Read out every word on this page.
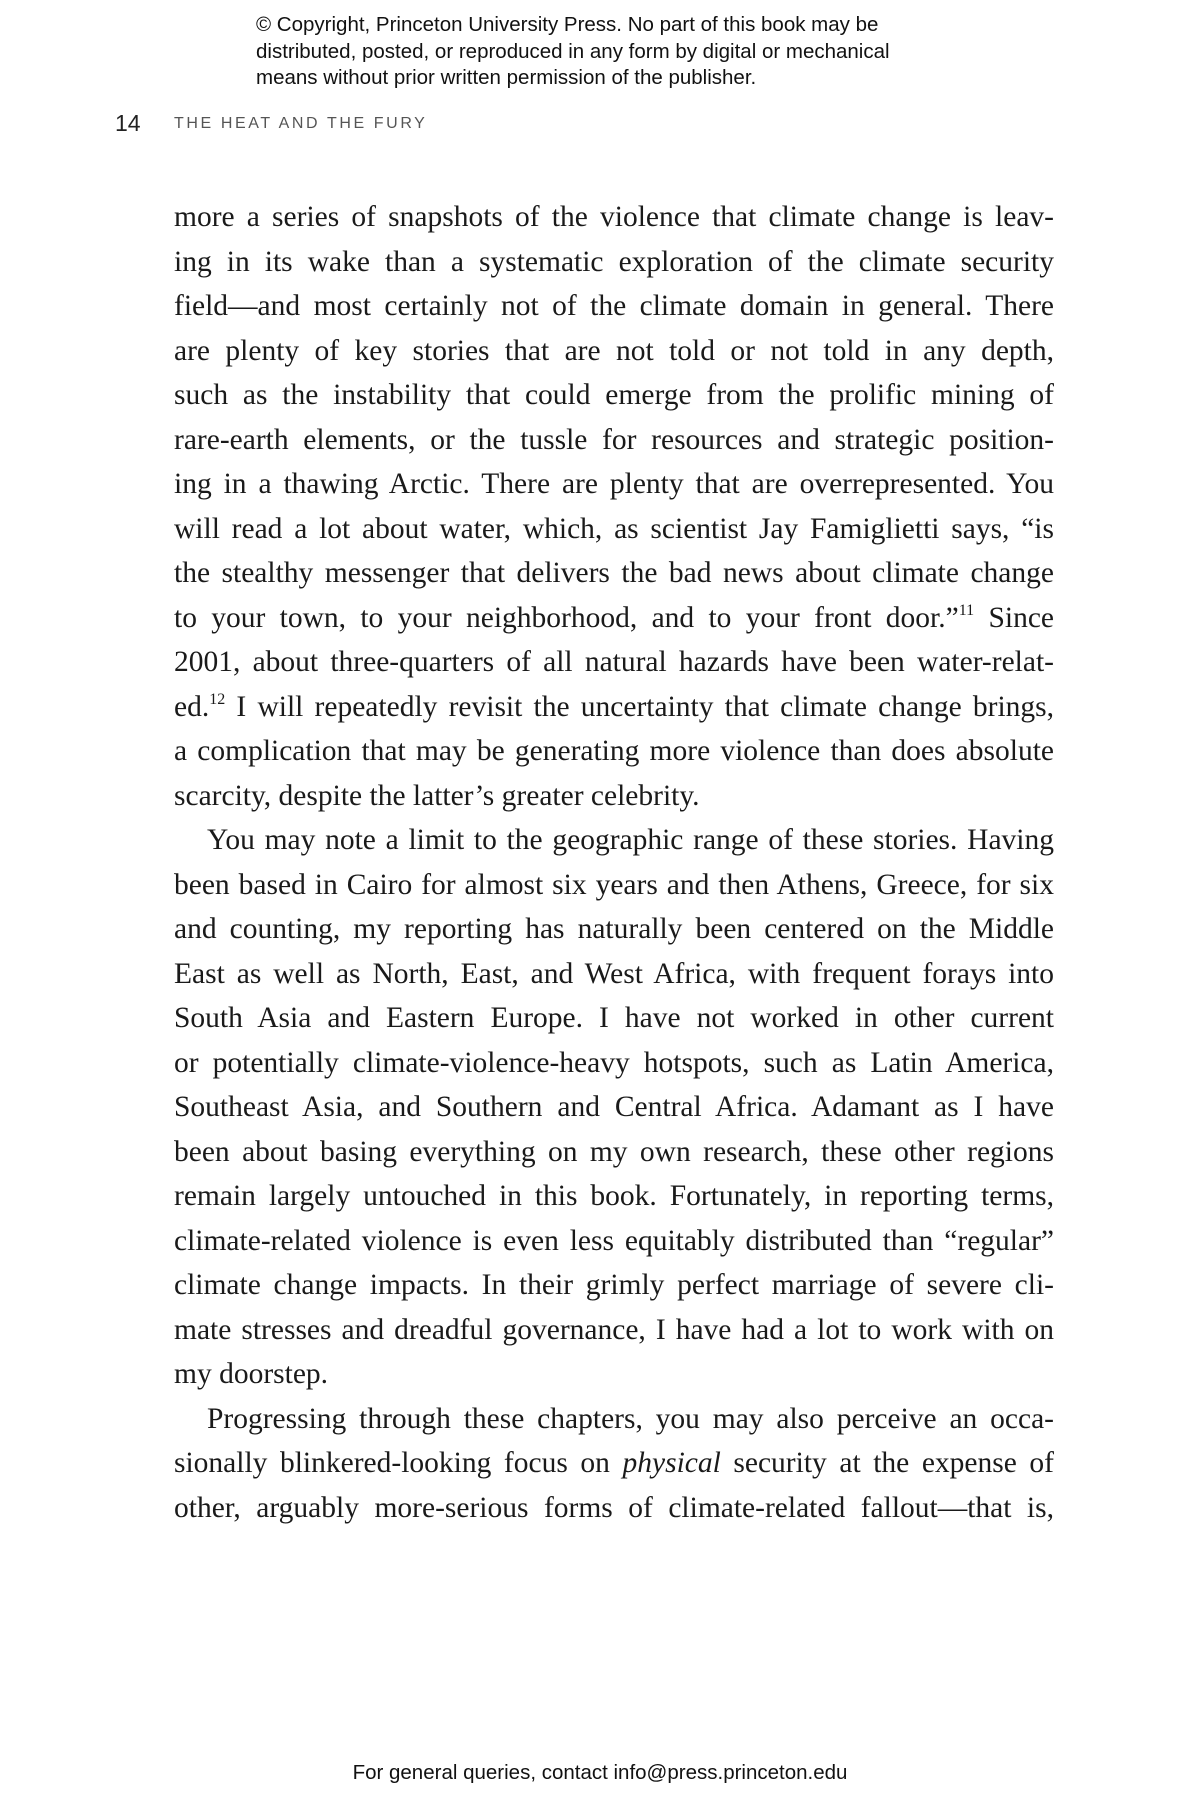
© Copyright, Princeton University Press. No part of this book may be
distributed, posted, or reproduced in any form by digital or mechanical
means without prior written permission of the publisher.
14 THE HEAT AND THE FURY
more a series of snapshots of the violence that climate change is leav-
ing in its wake than a systematic exploration of the climate security
field—and most certainly not of the climate domain in general. There
are plenty of key stories that are not told or not told in any depth,
such as the instability that could emerge from the prolific mining of
rare-earth elements, or the tussle for resources and strategic position-
ing in a thawing Arctic. There are plenty that are overrepresented. You
will read a lot about water, which, as scientist Jay Famiglietti says, “is
the stealthy messenger that delivers the bad news about climate change
to your town, to your neighborhood, and to your front door.”$^{11}$ Since
2001, about three-quarters of all natural hazards have been water-relat-
ed.$^{12}$ I will repeatedly revisit the uncertainty that climate change brings,
a complication that may be generating more violence than does absolute
scarcity, despite the latter’s greater celebrity.
You may note a limit to the geographic range of these stories. Having
been based in Cairo for almost six years and then Athens, Greece, for six
and counting, my reporting has naturally been centered on the Middle
East as well as North, East, and West Africa, with frequent forays into
South Asia and Eastern Europe. I have not worked in other current
or potentially climate-violence-heavy hotspots, such as Latin America,
Southeast Asia, and Southern and Central Africa. Adamant as I have
been about basing everything on my own research, these other regions
remain largely untouched in this book. Fortunately, in reporting terms,
climate-related violence is even less equitably distributed than “regular”
climate change impacts. In their grimly perfect marriage of severe cli-
mate stresses and dreadful governance, I have had a lot to work with on
my doorstep.
Progressing through these chapters, you may also perceive an occa-
sionally blinkered-looking focus on physical security at the expense of
other, arguably more-serious forms of climate-related fallout—that is,
For general queries, contact info@press.princeton.edu
